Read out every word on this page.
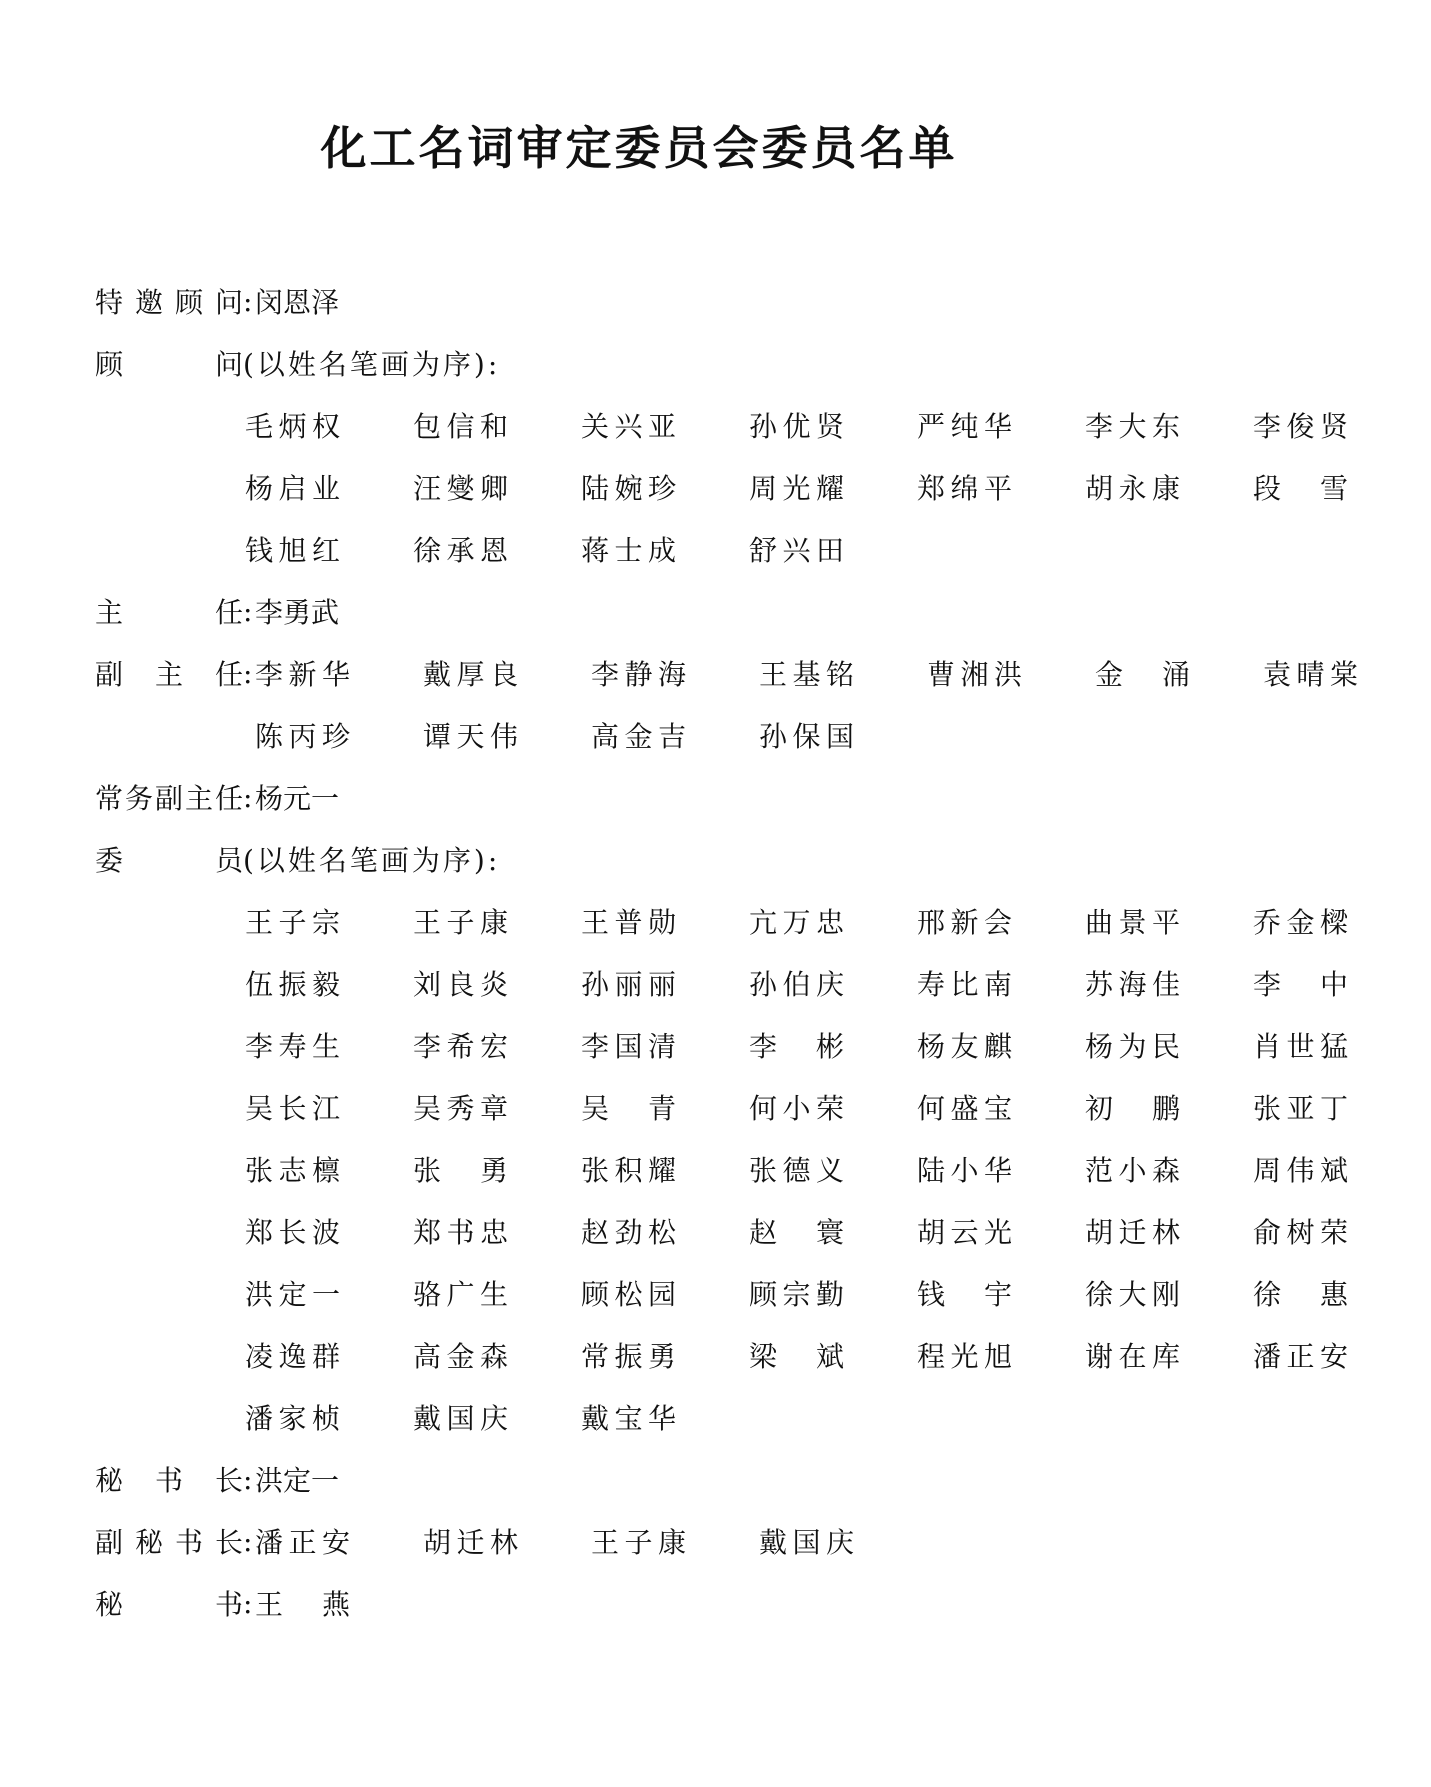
化工名词审定委员会委员名单
特 邀 顾 问 : 闵恩泽
顾	问 (以姓名笔画为序):
毛 炳 权	包 信 和	关 兴 亚	孙 优 贤	严 纯 华	李 大 东	李 俊 贤
杨 启 业	汪 燮 卿	陆 婉 珍	周 光 耀	郑 绵 平	胡 永 康	段 雪
钱 旭 红	徐 承 恩	蒋 士 成	舒 兴 田
主	任 : 李勇武
副 主 任 : 李 新 华	戴 厚 良	李 静 海	王 基 铭	曹 湘 洪	金 涌	袁 晴 棠
陈 丙 珍	谭 天 伟	高 金 吉	孙 保 国
常 务 副 主 任 : 杨元一
委	员 (以姓名笔画为序):
王 子 宗	王 子 康	王 普 勋	亢 万 忠	邢 新 会	曲 景 平	乔 金 樑
伍 振 毅	刘 良 炎	孙 丽 丽	孙 伯 庆	寿 比 南	苏 海 佳	李 中
李 寿 生	李 希 宏	李 国 清	李 彬	杨 友 麒	杨 为 民	肖 世 猛
吴 长 江	吴 秀 章	吴 青	何 小 荣	何 盛 宝	初 鹏	张 亚 丁
张 志 檩	张 勇	张 积 耀	张 德 义	陆 小 华	范 小 森	周 伟 斌
郑 长 波	郑 书 忠	赵 劲 松	赵 寰	胡 云 光	胡 迁 林	俞 树 荣
洪 定 一	骆 广 生	顾 松 园	顾 宗 勤	钱 宇	徐 大 刚	徐 惠
凌 逸 群	高 金 森	常 振 勇	梁 斌	程 光 旭	谢 在 库	潘 正 安
潘 家 桢	戴 国 庆	戴 宝 华
秘 书 长 : 洪定一
副 秘 书 长 : 潘 正 安	胡 迁 林	王 子 康	戴 国 庆
秘	书 : 王 燕
